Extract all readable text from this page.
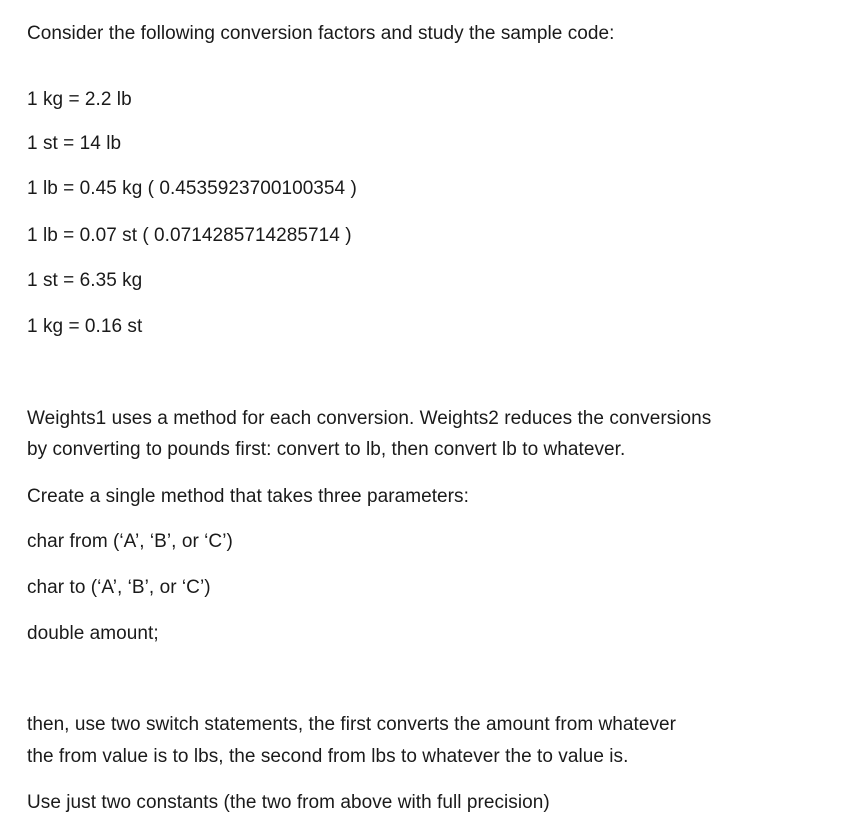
Consider the following conversion factors and study the sample code:
1 kg = 2.2 lb
1 st = 14 lb
1 lb = 0.45 kg ( 0.4535923700100354 )
1 lb = 0.07 st ( 0.0714285714285714 )
1 st = 6.35 kg
1 kg = 0.16 st
Weights1 uses a method for each conversion. Weights2 reduces the conversions
by converting to pounds first: convert to lb, then convert lb to whatever.
Create a single method that takes three parameters:
char from (‘A’, ‘B’, or ‘C’)
char to (‘A’, ‘B’, or ‘C’)
double amount;
then, use two switch statements, the first converts the amount from whatever
the from value is to lbs, the second from lbs to whatever the to value is.
Use just two constants (the two from above with full precision)
